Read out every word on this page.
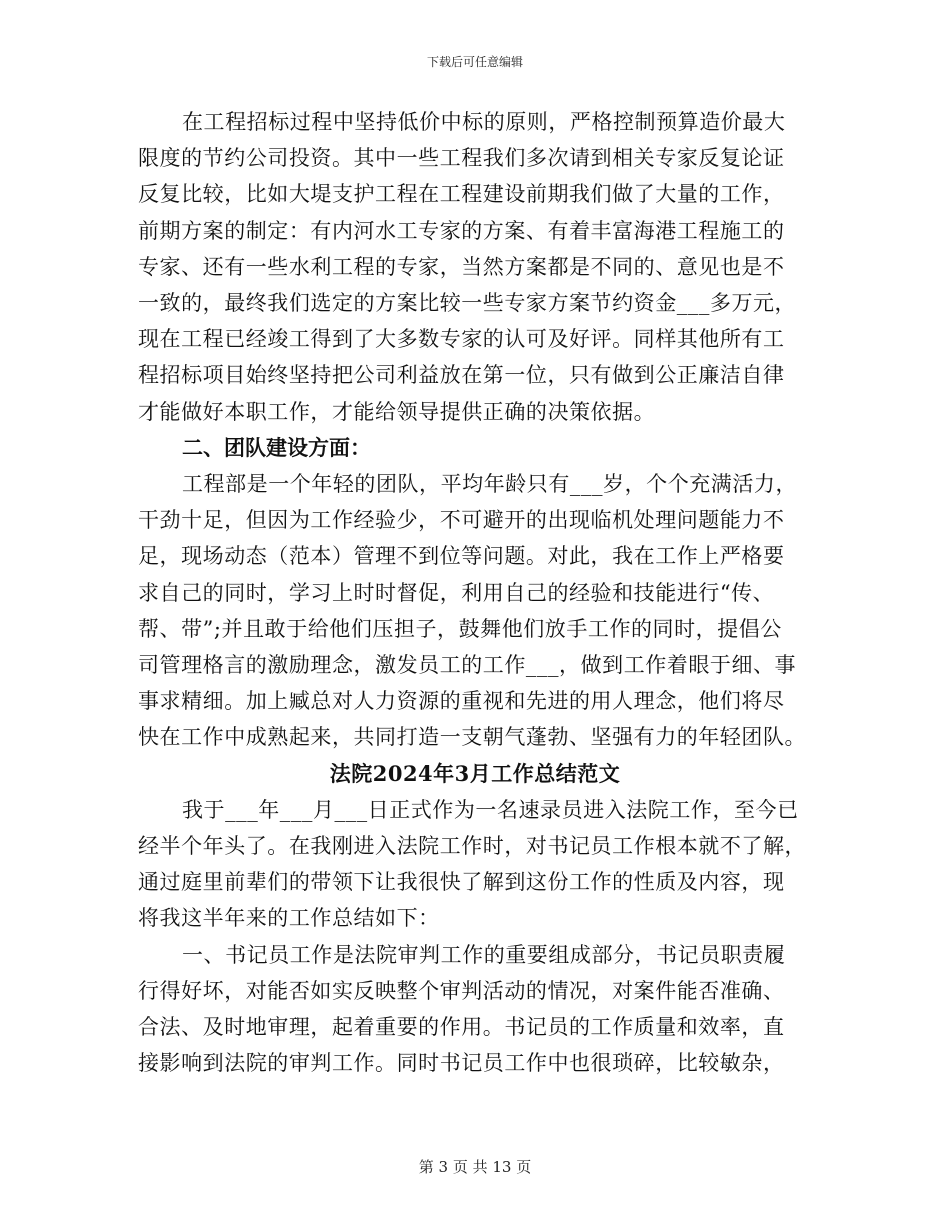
下载后可任意编辑

在工程招标过程中坚持低价中标的原则，严格控制预算造价最大
限度的节约公司投资。其中一些工程我们多次请到相关专家反复论证
反复比较，比如大堤支护工程在工程建设前期我们做了大量的工作，
前期方案的制定：有内河水工专家的方案、有着丰富海港工程施工的
专家、还有一些水利工程的专家，当然方案都是不同的、意见也是不
一致的，最终我们选定的方案比较一些专家方案节约资金___多万元，
现在工程已经竣工得到了大多数专家的认可及好评。同样其他所有工
程招标项目始终坚持把公司利益放在第一位，只有做到公正廉洁自律
才能做好本职工作，才能给领导提供正确的决策依据。

二、团队建设方面：

工程部是一个年轻的团队，平均年龄只有___岁，个个充满活力，
干劲十足，但因为工作经验少，不可避开的出现临机处理问题能力不
足，现场动态（范本）管理不到位等问题。对此，我在工作上严格要
求自己的同时，学习上时时督促，利用自己的经验和技能进行“传、
帮、带”;并且敢于给他们压担子，鼓舞他们放手工作的同时，提倡公
司管理格言的激励理念，激发员工的工作___，做到工作着眼于细、事
事求精细。加上臧总对人力资源的重视和先进的用人理念，他们将尽
快在工作中成熟起来，共同打造一支朝气蓬勃、坚强有力的年轻团队。

法院2024年3月工作总结范文

我于___年___月___日正式作为一名速录员进入法院工作，至今已
经半个年头了。在我刚进入法院工作时，对书记员工作根本就不了解，
通过庭里前辈们的带领下让我很快了解到这份工作的性质及内容，现
将我这半年来的工作总结如下：

一、书记员工作是法院审判工作的重要组成部分，书记员职责履
行得好坏，对能否如实反映整个审判活动的情况，对案件能否准确、
合法、及时地审理，起着重要的作用。书记员的工作质量和效率，直
接影响到法院的审判工作。同时书记员工作中也很琐碎，比较敏杂，

第 3 页 共 13 页
